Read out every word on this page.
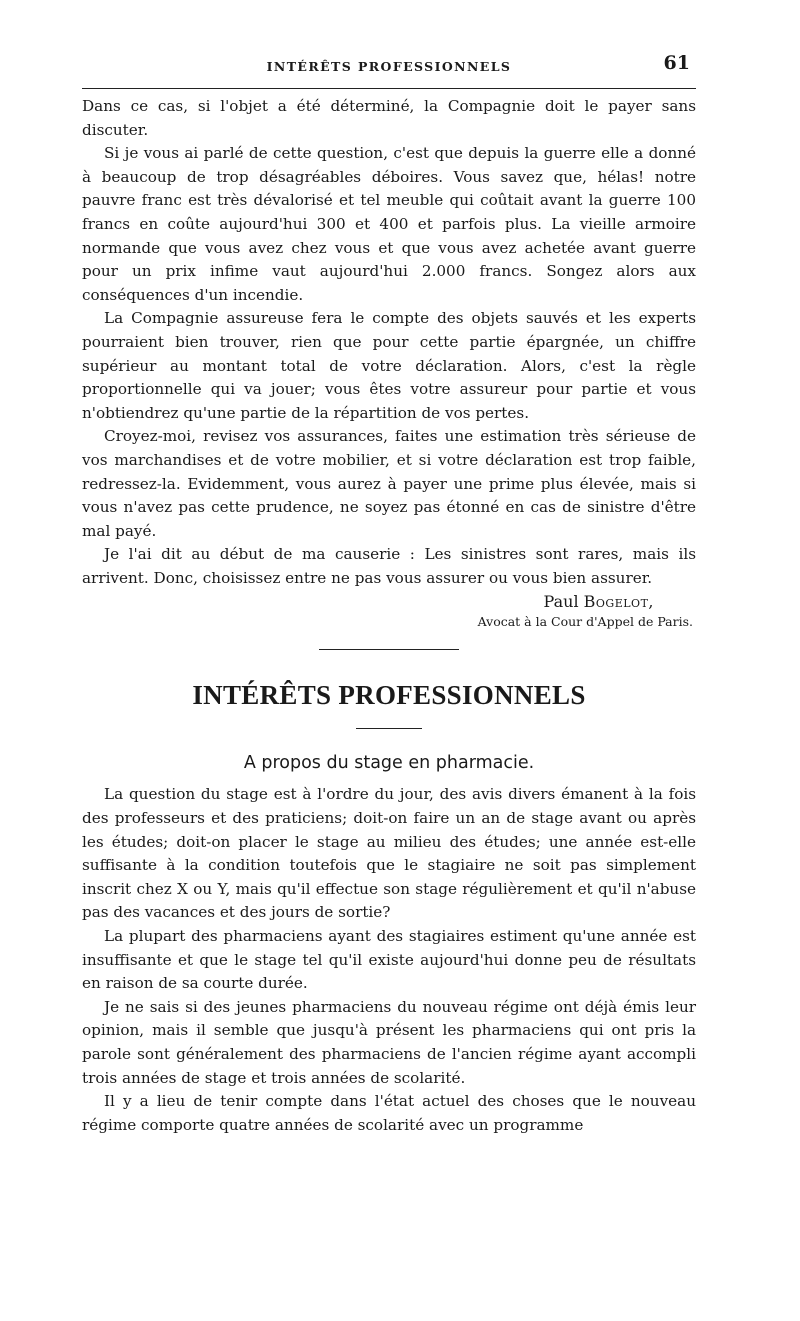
INTÉRÊTS PROFESSIONNELS	61

Dans ce cas, si l'objet a été déterminé, la Compagnie doit le payer sans discuter.

Si je vous ai parlé de cette question, c'est que depuis la guerre elle a donné à beaucoup de trop désagréables déboires. Vous savez que, hélas! notre pauvre franc est très dévalorisé et tel meuble qui coûtait avant la guerre 100 francs en coûte aujourd'hui 300 et 400 et parfois plus. La vieille armoire normande que vous avez chez vous et que vous avez achetée avant guerre pour un prix infime vaut aujourd'hui 2.000 francs. Songez alors aux conséquences d'un incendie.

La Compagnie assureuse fera le compte des objets sauvés et les experts pourraient bien trouver, rien que pour cette partie épargnée, un chiffre supérieur au montant total de votre déclaration. Alors, c'est la règle proportionnelle qui va jouer; vous êtes votre assureur pour partie et vous n'obtiendrez qu'une partie de la répartition de vos pertes.

Croyez-moi, revisez vos assurances, faites une estimation très sérieuse de vos marchandises et de votre mobilier, et si votre déclaration est trop faible, redressez-la. Evidemment, vous aurez à payer une prime plus élevée, mais si vous n'avez pas cette prudence, ne soyez pas étonné en cas de sinistre d'être mal payé.

Je l'ai dit au début de ma causerie : Les sinistres sont rares, mais ils arrivent. Donc, choisissez entre ne pas vous assurer ou vous bien assurer.

Paul Bogelot,
Avocat à la Cour d'Appel de Paris.
INTÉRÊTS PROFESSIONNELS
A propos du stage en pharmacie.

La question du stage est à l'ordre du jour, des avis divers émanent à la fois des professeurs et des praticiens; doit-on faire un an de stage avant ou après les études; doit-on placer le stage au milieu des études; une année est-elle suffisante à la condition toutefois que le stagiaire ne soit pas simplement inscrit chez X ou Y, mais qu'il effectue son stage régulièrement et qu'il n'abuse pas des vacances et des jours de sortie?

La plupart des pharmaciens ayant des stagiaires estiment qu'une année est insuffisante et que le stage tel qu'il existe aujourd'hui donne peu de résultats en raison de sa courte durée.

Je ne sais si des jeunes pharmaciens du nouveau régime ont déjà émis leur opinion, mais il semble que jusqu'à présent les pharmaciens qui ont pris la parole sont généralement des pharmaciens de l'ancien régime ayant accompli trois années de stage et trois années de scolarité.

Il y a lieu de tenir compte dans l'état actuel des choses que le nouveau régime comporte quatre années de scolarité avec un programme
